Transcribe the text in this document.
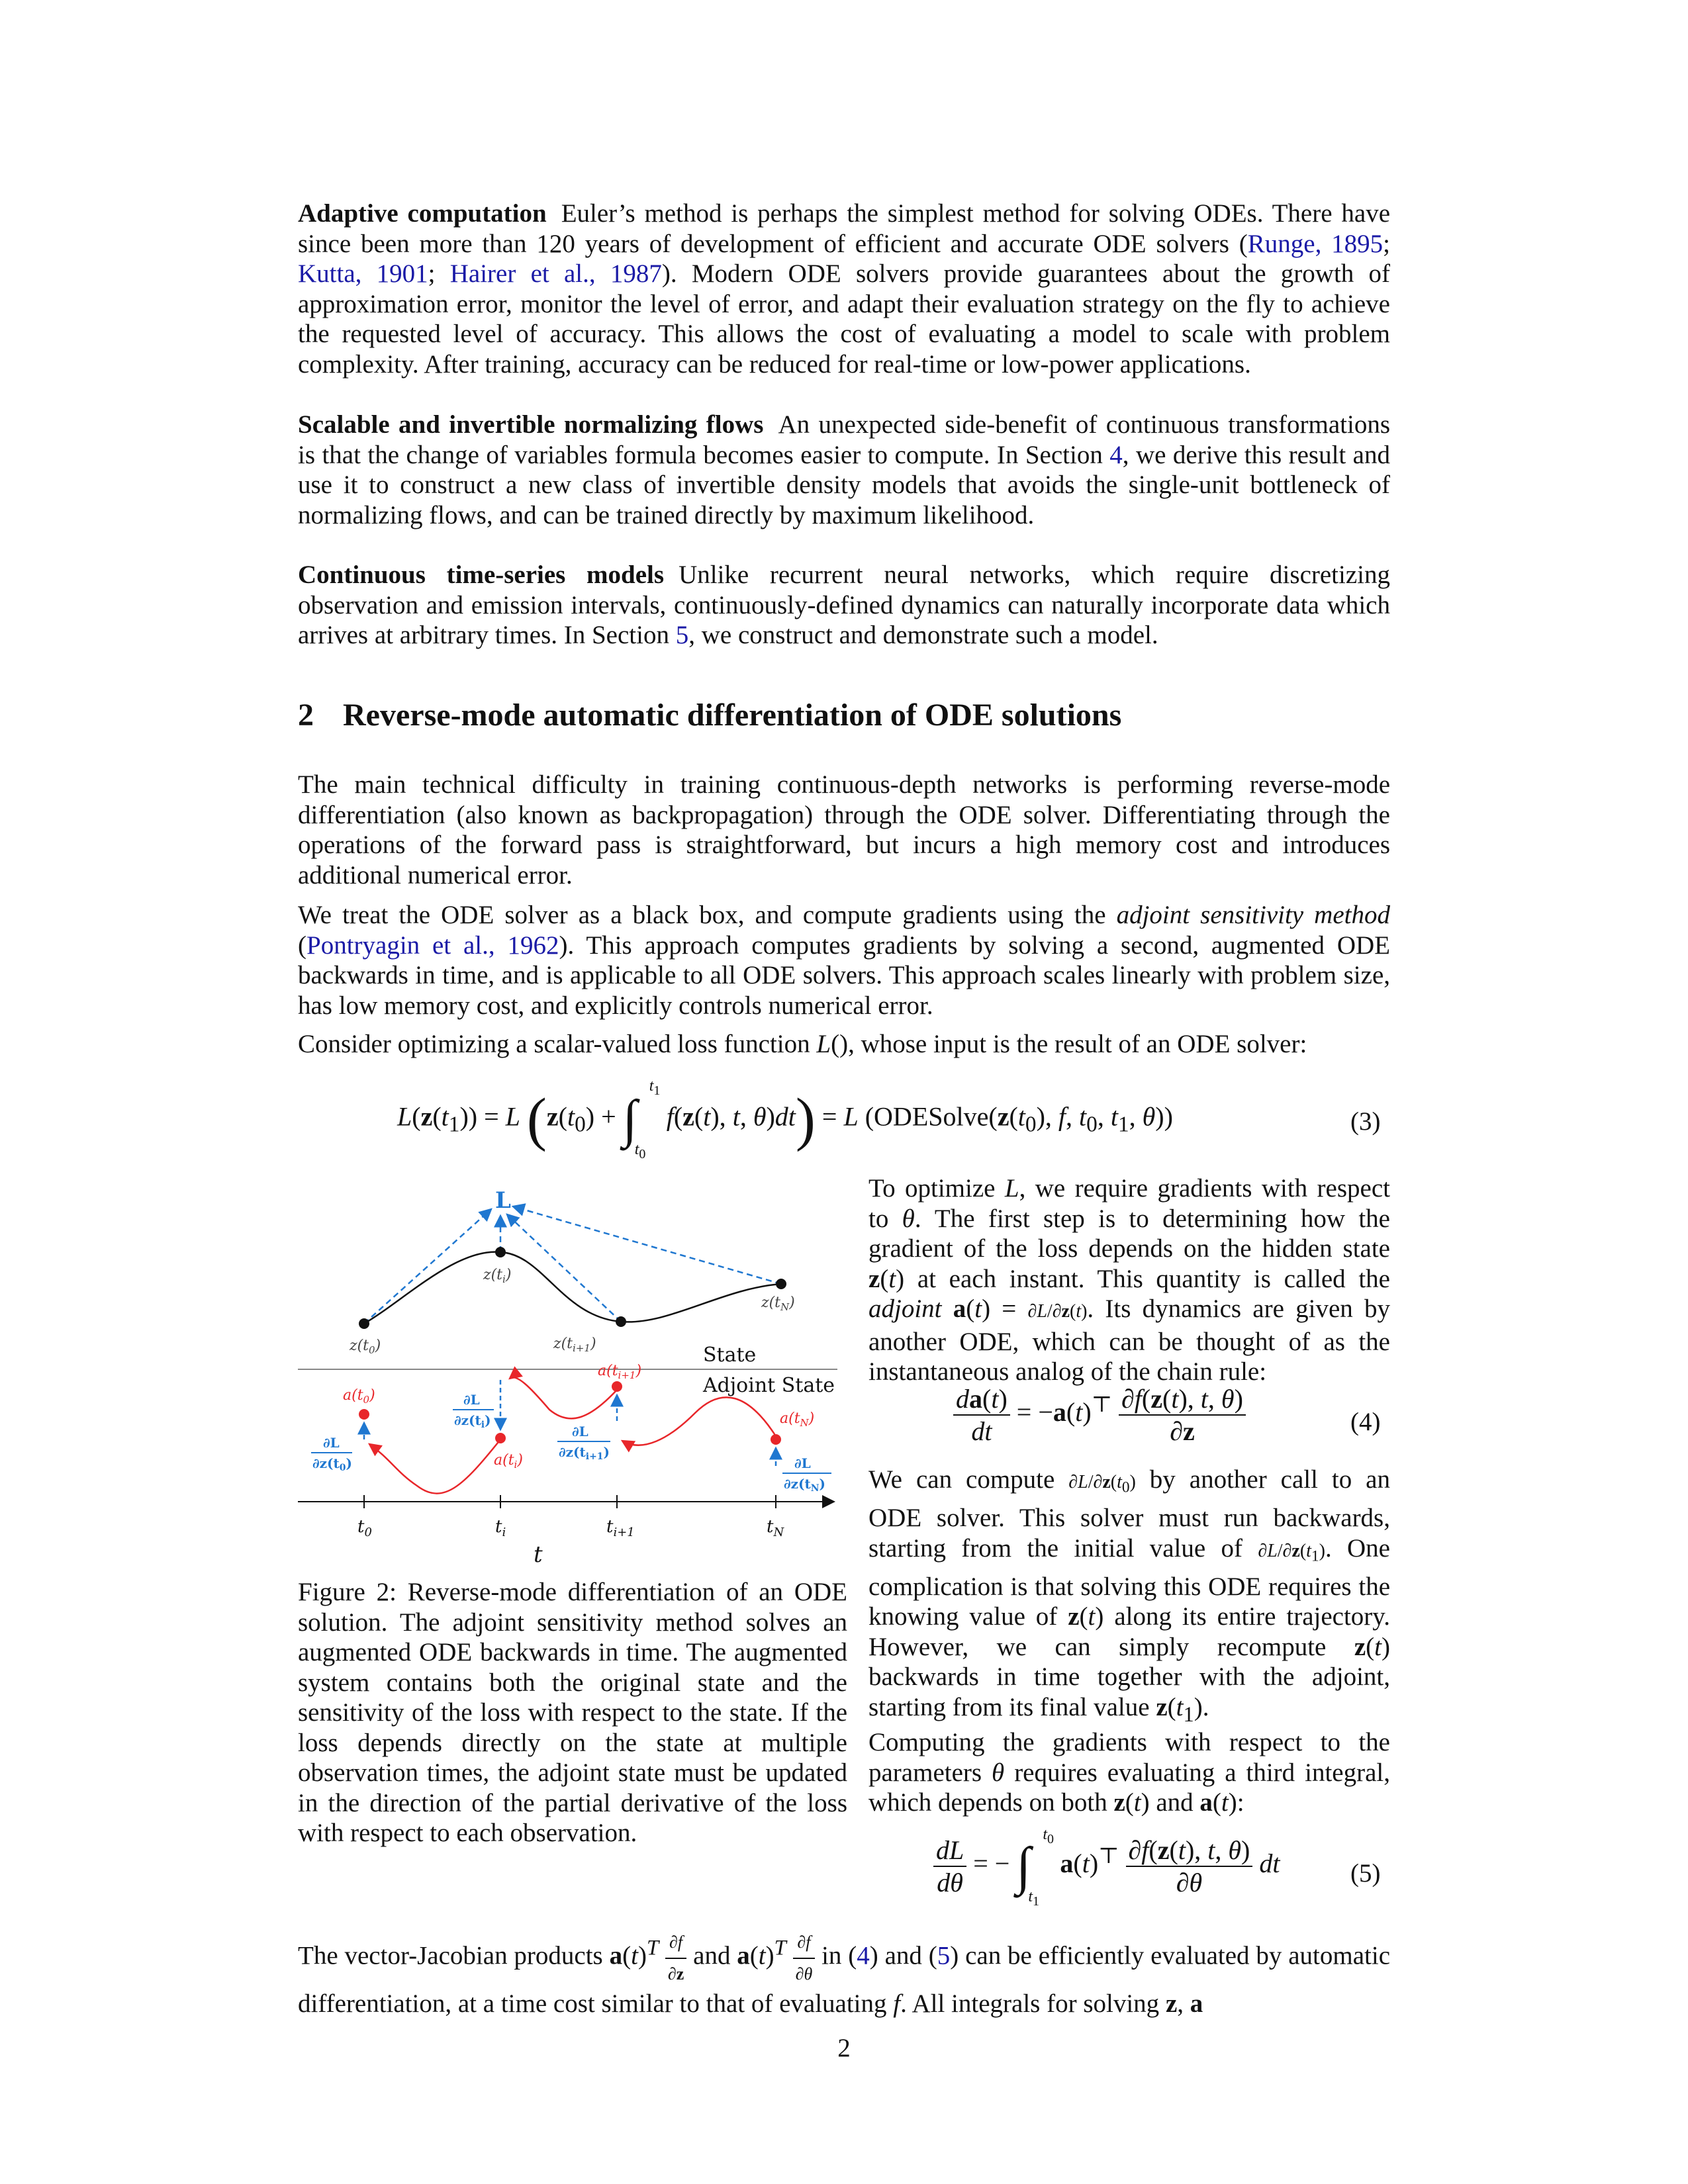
Adaptive computation Euler’s method is perhaps the simplest method for solving ODEs. There have since been more than 120 years of development of efficient and accurate ODE solvers (Runge, 1895; Kutta, 1901; Hairer et al., 1987). Modern ODE solvers provide guarantees about the growth of approximation error, monitor the level of error, and adapt their evaluation strategy on the fly to achieve the requested level of accuracy. This allows the cost of evaluating a model to scale with problem complexity. After training, accuracy can be reduced for real-time or low-power applications.

Scalable and invertible normalizing flows An unexpected side-benefit of continuous transformations is that the change of variables formula becomes easier to compute. In Section 4, we derive this result and use it to construct a new class of invertible density models that avoids the single-unit bottleneck of normalizing flows, and can be trained directly by maximum likelihood.

Continuous time-series models Unlike recurrent neural networks, which require discretizing observation and emission intervals, continuously-defined dynamics can naturally incorporate data which arrives at arbitrary times. In Section 5, we construct and demonstrate such a model.

2 Reverse-mode automatic differentiation of ODE solutions

The main technical difficulty in training continuous-depth networks is performing reverse-mode differentiation (also known as backpropagation) through the ODE solver. Differentiating through the operations of the forward pass is straightforward, but incurs a high memory cost and introduces additional numerical error.

We treat the ODE solver as a black box, and compute gradients using the adjoint sensitivity method (Pontryagin et al., 1962). This approach computes gradients by solving a second, augmented ODE backwards in time, and is applicable to all ODE solvers. This approach scales linearly with problem size, has low memory cost, and explicitly controls numerical error.

Consider optimizing a scalar-valued loss function L(), whose input is the result of an ODE solver:

$L(z(t_1)) = L$ ($z(t_0)$ + ∫
$t_1$
$t_0$
f(z(t), t, θ)dt) = L ($ODESolve(z(t_0)$, f, $t_0$, $t_1$, θ))	(3)
L
$z(t_0)$
$z(t_i)$
$z(t_{i+1})$
$z(t_N)$
State
Adjoint State
$a(t_0)$
$a(t_i)$
$a(t_{i+1})$
$a(t_N)$
∂L
$\partial z(t_0)$
∂L
$\partial z(t_i)$
∂L
$\partial z(t_{i+1})$
∂L
$\partial z(t_N)$
$t_0$	$t_i$	$t_{i+1}$	$t_N$
t
Figure 2: Reverse-mode differentiation of an ODE solution. The adjoint sensitivity method solves an augmented ODE backwards in time. The augmented system contains both the original state and the sensitivity of the loss with respect to the state. If the loss depends directly on the state at multiple observation times, the adjoint state must be updated in the direction of the partial derivative of the loss with respect to each observation.

To optimize L, we require gradients with respect to θ. The first step is to determining how the gradient of the loss depends on the hidden state z(t) at each instant. This quantity is called the adjoint a(t) = ∂L/∂z(t). Its dynamics are given by another ODE, which can be thought of as the instantaneous analog of the chain rule:

$\frac{da(t)}{dt} = -a(t)^⊤ \frac{\partial f(z(t), t, \theta)}{\partial z}$	(4)

We can compute $\partial L/\partial z(t_0)$ by another call to an ODE solver. This solver must run backwards, starting from the initial value of $\partial L/\partial z(t_1)$. One complication is that solving this ODE requires the knowing value of z(t) along its entire trajectory. However, we can simply recompute z(t) backwards in time together with the adjoint, starting from its final value $z(t_1)$.

Computing the gradients with respect to the parameters θ requires evaluating a third integral, which depends on both z(t) and a(t):

$\frac{dL}{d\theta}$ = − ∫
$t_0$
$t_1$
$a(t)^⊤ \frac{\partial f(z(t), t, \theta)}{\partial\theta}$ dt	(5)

The vector-Jacobian products $a(t)^T \frac{\partial f}{\partial z}$ and $a(t)^T \frac{\partial f}{\partial\theta}$ in (4) and (5) can be efficiently evaluated by automatic differentiation, at a time cost similar to that of evaluating f. All integrals for solving z, a

2
